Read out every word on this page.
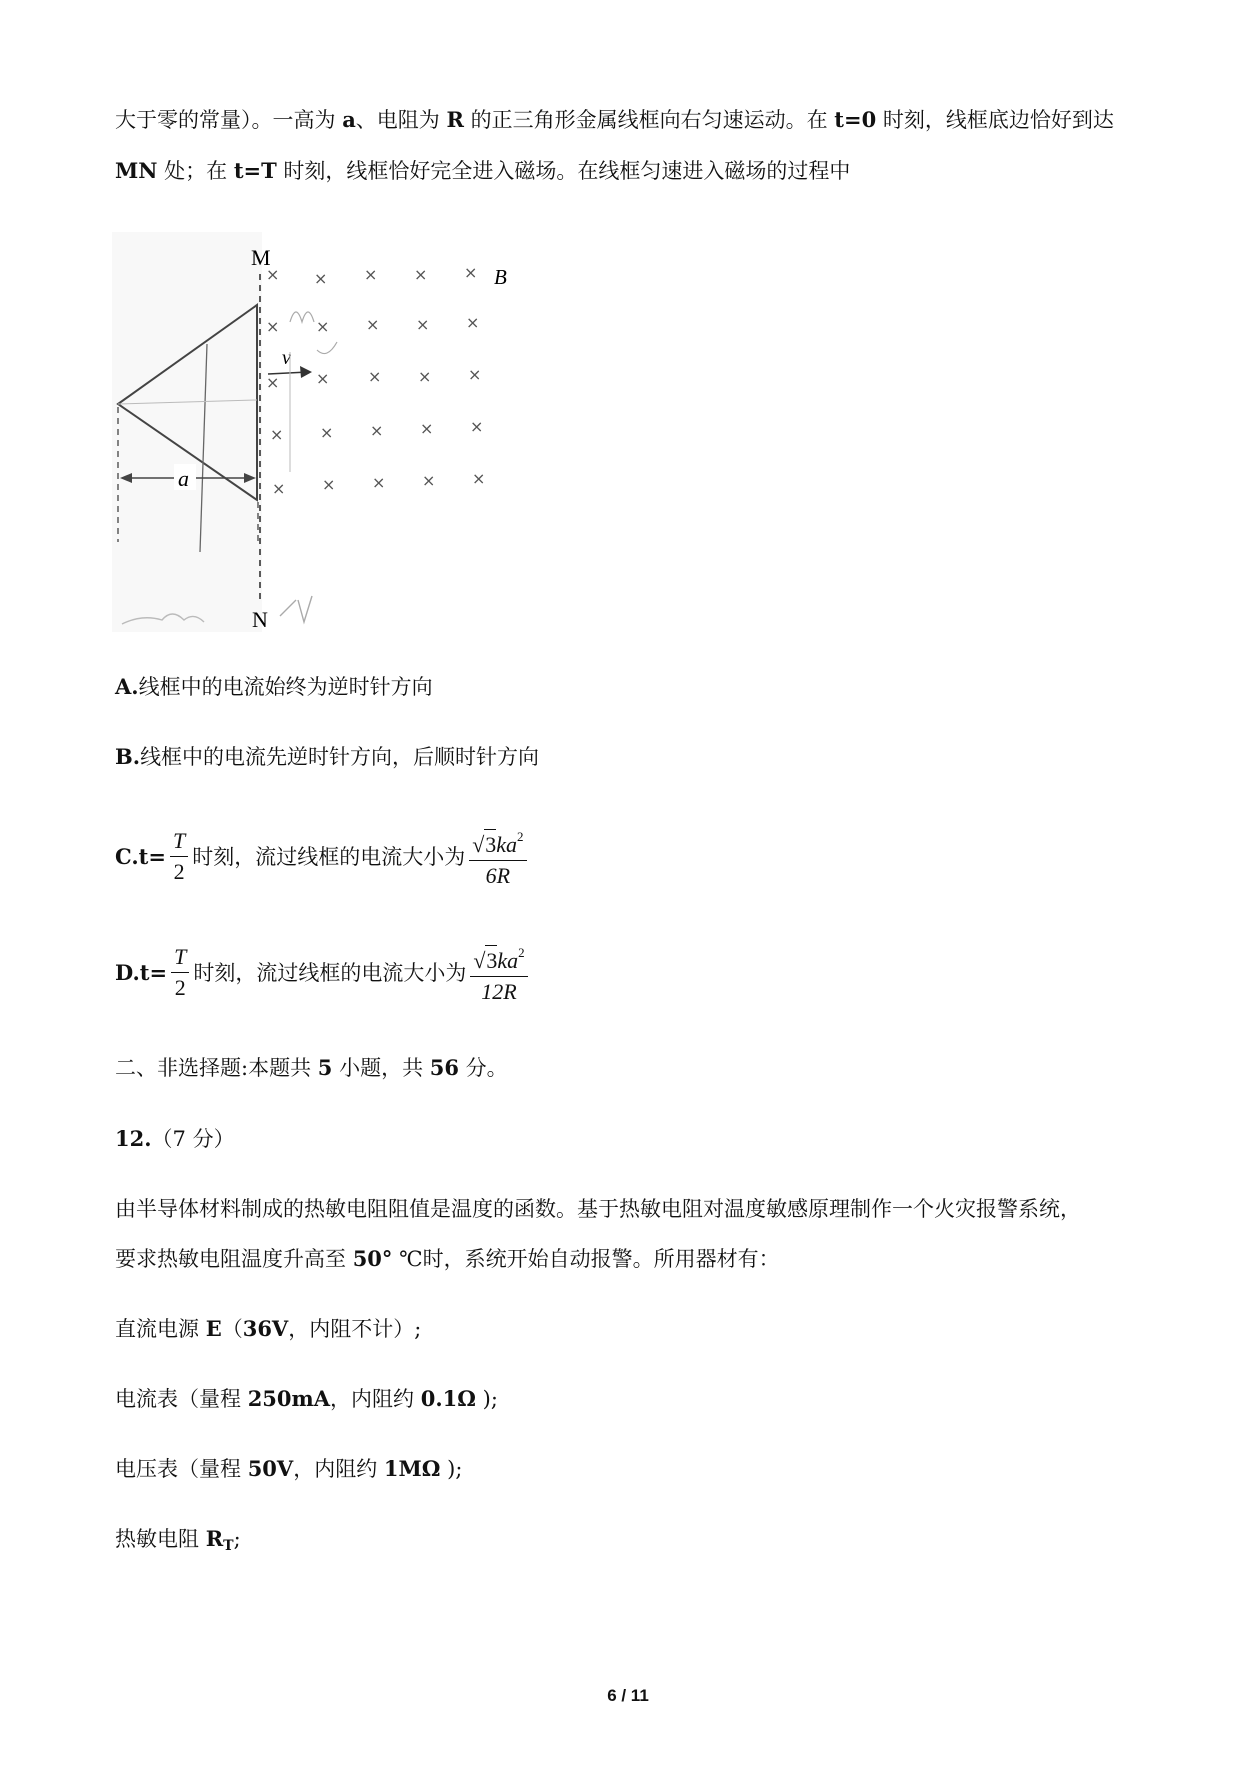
大于零的常量）。一高为 a、电阻为 R 的正三角形金属线框向右匀速运动。在 t=0 时刻，线框底边恰好到达
MN 处；在 t=T 时刻，线框恰好完全进入磁场。在线框匀速进入磁场的过程中
M
N
B
a
v
× × × × ×
× × × × ×
× × × × ×
× × × × ×
× × × × ×
A.线框中的电流始终为逆时针方向
B.线框中的电流先逆时针方向，后顺时针方向
$C.t= \frac{T}{2}$ 时刻，流过线框的电流大小为 $\frac{√3ka^2}{6R}$
$D.t= \frac{T}{2}$ 时刻，流过线框的电流大小为 $\frac{√3ka^2}{12R}$
二、非选择题:本题共 5 小题，共 56 分。
12.（7 分）
由半导体材料制成的热敏电阻阻值是温度的函数。基于热敏电阻对温度敏感原理制作一个火灾报警系统，
要求热敏电阻温度升高至 50° ℃时，系统开始自动报警。所用器材有：
直流电源 E（36V，内阻不计）;
电流表（量程 250mA，内阻约 0.1Ω );
电压表（量程 50V，内阻约 1MΩ );
热敏电阻 $R_T$;
6 / 11
